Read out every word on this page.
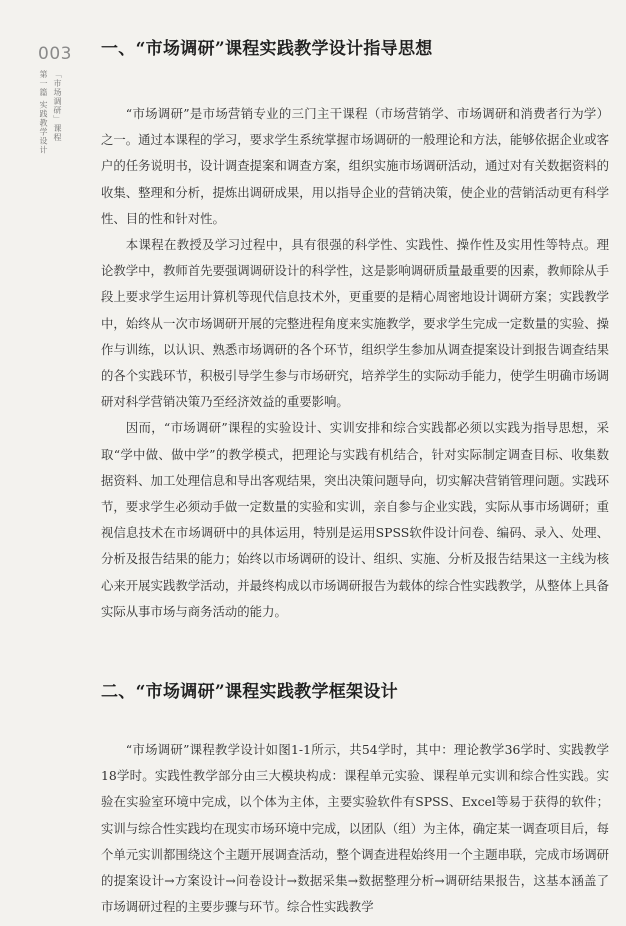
003
第一篇 实践教学设计 「市场调研」课程
一、“市场调研”课程实践教学设计指导思想

“市场调研”是市场营销专业的三门主干课程（市场营销学、市场调研和消费者行为学）之一。通过本课程的学习，要求学生系统掌握市场调研的一般理论和方法，能够依据企业或客户的任务说明书，设计调查提案和调查方案，组织实施市场调研活动，通过对有关数据资料的收集、整理和分析，提炼出调研成果，用以指导企业的营销决策，使企业的营销活动更有科学性、目的性和针对性。

本课程在教授及学习过程中，具有很强的科学性、实践性、操作性及实用性等特点。理论教学中，教师首先要强调调研设计的科学性，这是影响调研质量最重要的因素，教师除从手段上要求学生运用计算机等现代信息技术外，更重要的是精心周密地设计调研方案；实践教学中，始终从一次市场调研开展的完整进程角度来实施教学，要求学生完成一定数量的实验、操作与训练，以认识、熟悉市场调研的各个环节，组织学生参加从调查提案设计到报告调查结果的各个实践环节，积极引导学生参与市场研究，培养学生的实际动手能力，使学生明确市场调研对科学营销决策乃至经济效益的重要影响。

因而，“市场调研”课程的实验设计、实训安排和综合实践都必须以实践为指导思想，采取“学中做、做中学”的教学模式，把理论与实践有机结合，针对实际制定调查目标、收集数据资料、加工处理信息和导出客观结果，突出决策问题导向，切实解决营销管理问题。实践环节，要求学生必须动手做一定数量的实验和实训，亲自参与企业实践，实际从事市场调研；重视信息技术在市场调研中的具体运用，特别是运用SPSS软件设计问卷、编码、录入、处理、分析及报告结果的能力；始终以市场调研的设计、组织、实施、分析及报告结果这一主线为核心来开展实践教学活动，并最终构成以市场调研报告为载体的综合性实践教学，从整体上具备实际从事市场与商务活动的能力。

二、“市场调研”课程实践教学框架设计

“市场调研”课程教学设计如图1-1所示，共54学时，其中：理论教学36学时、实践教学18学时。实践性教学部分由三大模块构成：课程单元实验、课程单元实训和综合性实践。实验在实验室环境中完成，以个体为主体，主要实验软件有SPSS、Excel等易于获得的软件；实训与综合性实践均在现实市场环境中完成，以团队（组）为主体，确定某一调查项目后，每个单元实训都围绕这个主题开展调查活动，整个调查进程始终用一个主题串联，完成市场调研的提案设计→方案设计→问卷设计→数据采集→数据整理分析→调研结果报告，这基本涵盖了市场调研过程的主要步骤与环节。综合性实践教学
